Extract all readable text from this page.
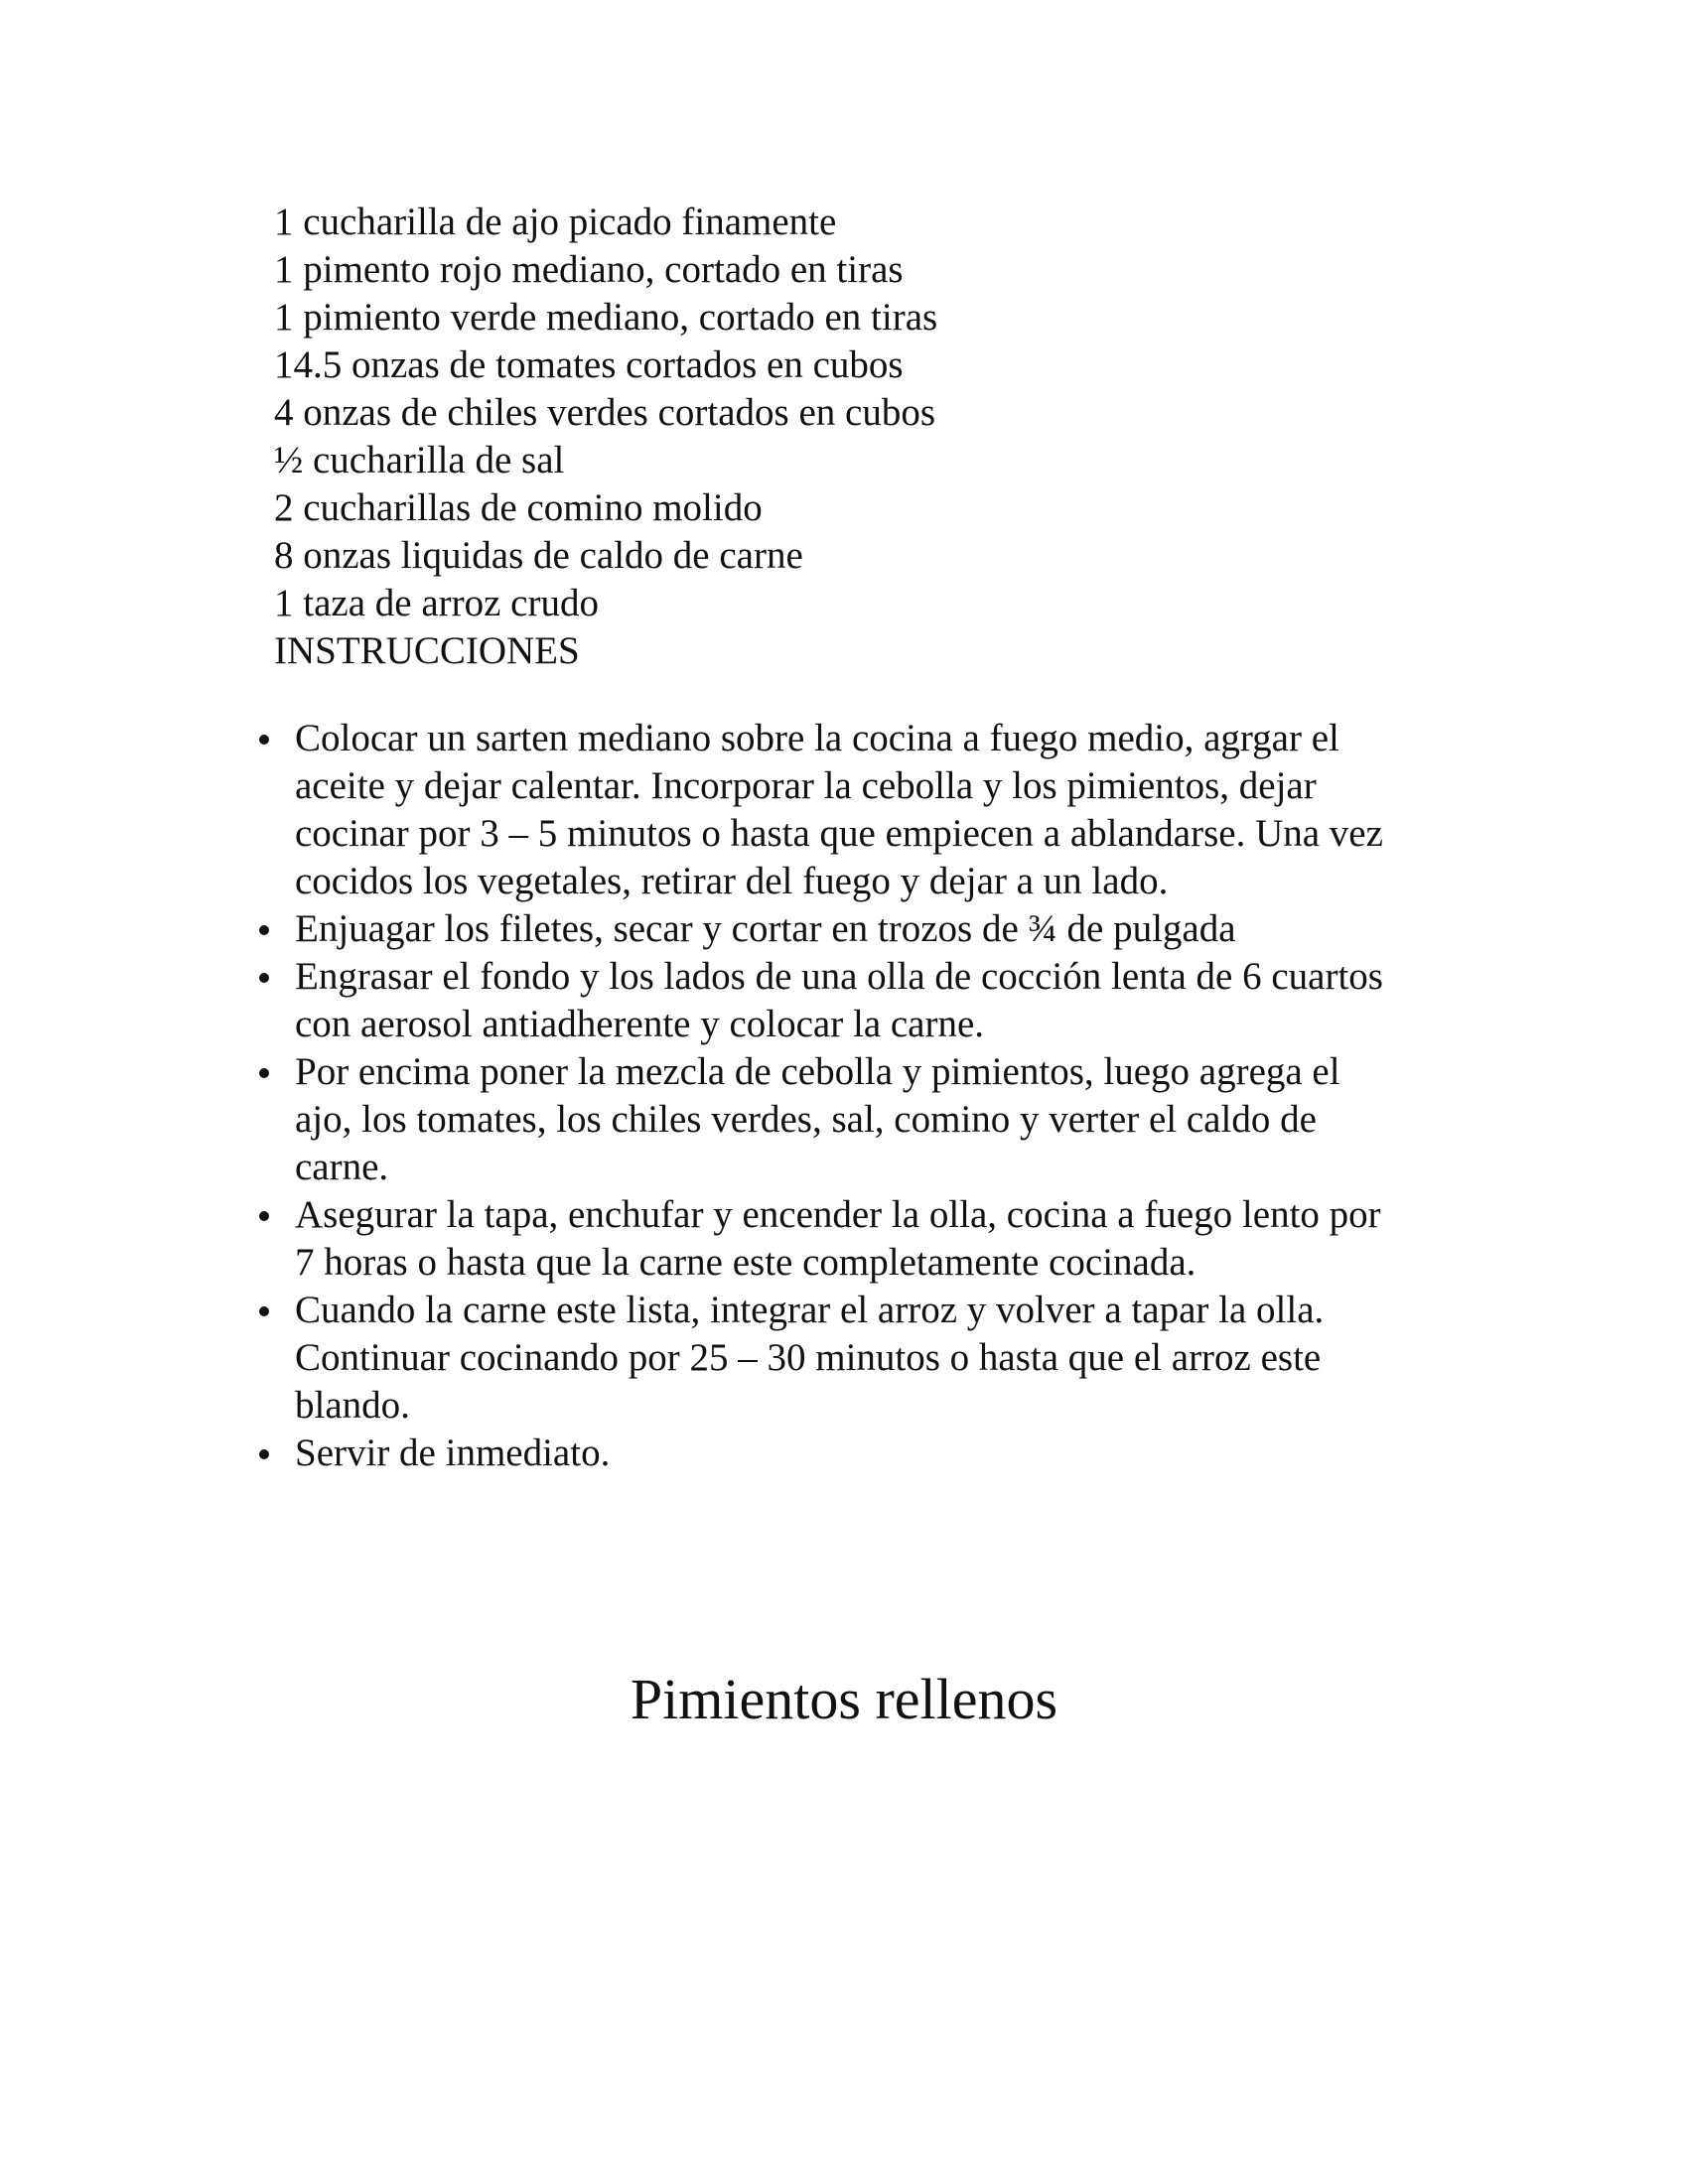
1 cucharilla de ajo picado finamente
1 pimento rojo mediano, cortado en tiras
1 pimiento verde mediano, cortado en tiras
14.5 onzas de tomates cortados en cubos
4 onzas de chiles verdes cortados en cubos
½ cucharilla de sal
2 cucharillas de comino molido
8 onzas liquidas de caldo de carne
1 taza de arroz crudo
INSTRUCCIONES
Colocar un sarten mediano sobre la cocina a fuego medio, agrgar el
aceite y dejar calentar. Incorporar la cebolla y los pimientos, dejar
cocinar por 3 – 5 minutos o hasta que empiecen a ablandarse. Una vez
cocidos los vegetales, retirar del fuego y dejar a un lado.
Enjuagar los filetes, secar y cortar en trozos de ¾ de pulgada
Engrasar el fondo y los lados de una olla de cocción lenta de 6 cuartos
con aerosol antiadherente y colocar la carne.
Por encima poner la mezcla de cebolla y pimientos, luego agrega el
ajo, los tomates, los chiles verdes, sal, comino y verter el caldo de
carne.
Asegurar la tapa, enchufar y encender la olla, cocina a fuego lento por
7 horas o hasta que la carne este completamente cocinada.
Cuando la carne este lista, integrar el arroz y volver a tapar la olla.
Continuar cocinando por 25 – 30 minutos o hasta que el arroz este
blando.
Servir de inmediato.
Pimientos rellenos
